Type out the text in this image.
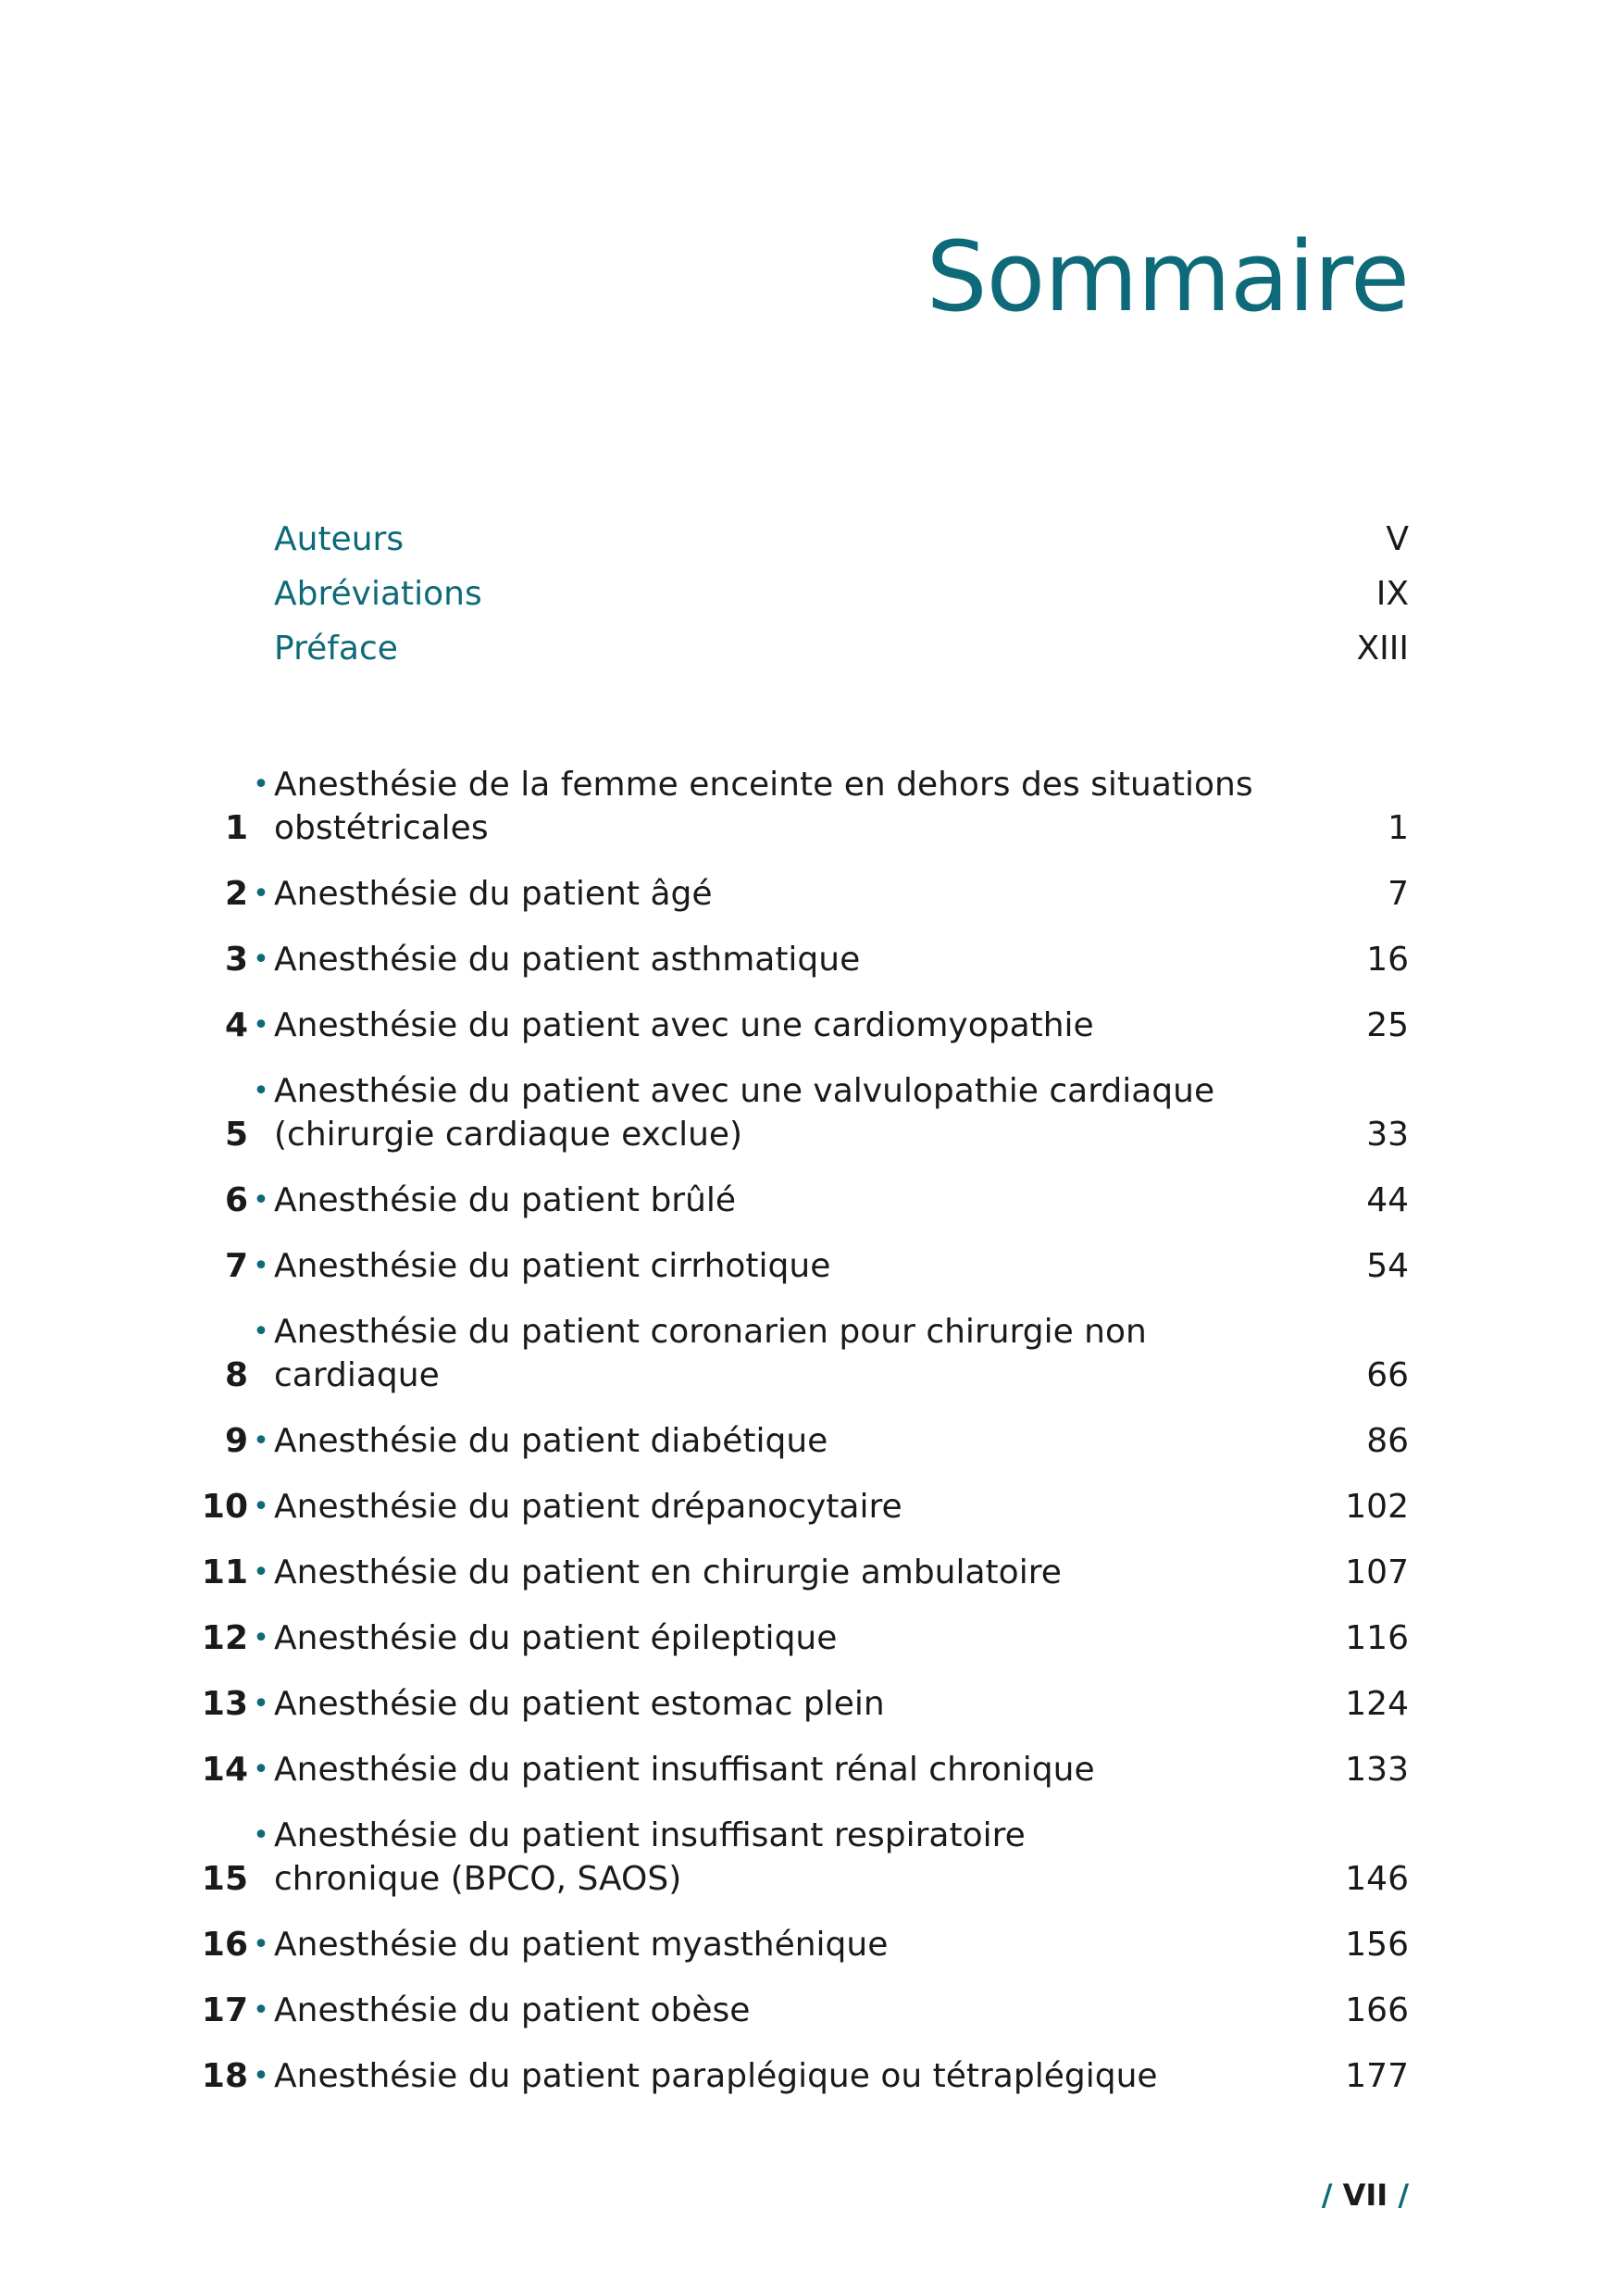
Sommaire
Auteurs	V
Abréviations	IX
Préface	XIII
1
• Anesthésie de la femme enceinte en dehors des situations
obstétricales	1
2 • Anesthésie du patient âgé	7
3 • Anesthésie du patient asthmatique	16
4 • Anesthésie du patient avec une cardiomyopathie	25
5
• Anesthésie du patient avec une valvulopathie cardiaque
(chirurgie cardiaque exclue)	33
6 • Anesthésie du patient brûlé	44
7 • Anesthésie du patient cirrhotique	54
8
• Anesthésie du patient coronarien pour chirurgie non cardiaque	66
9 • Anesthésie du patient diabétique	86
10 • Anesthésie du patient drépanocytaire	102
11 • Anesthésie du patient en chirurgie ambulatoire	107
12 • Anesthésie du patient épileptique	116
13 • Anesthésie du patient estomac plein	124
14 • Anesthésie du patient insuffisant rénal chronique	133
15
• Anesthésie du patient insuffisant respiratoire
chronique (BPCO, SAOS)	146
16 • Anesthésie du patient myasthénique	156
17 • Anesthésie du patient obèse	166
18 • Anesthésie du patient paraplégique ou tétraplégique	177
/ VII /
